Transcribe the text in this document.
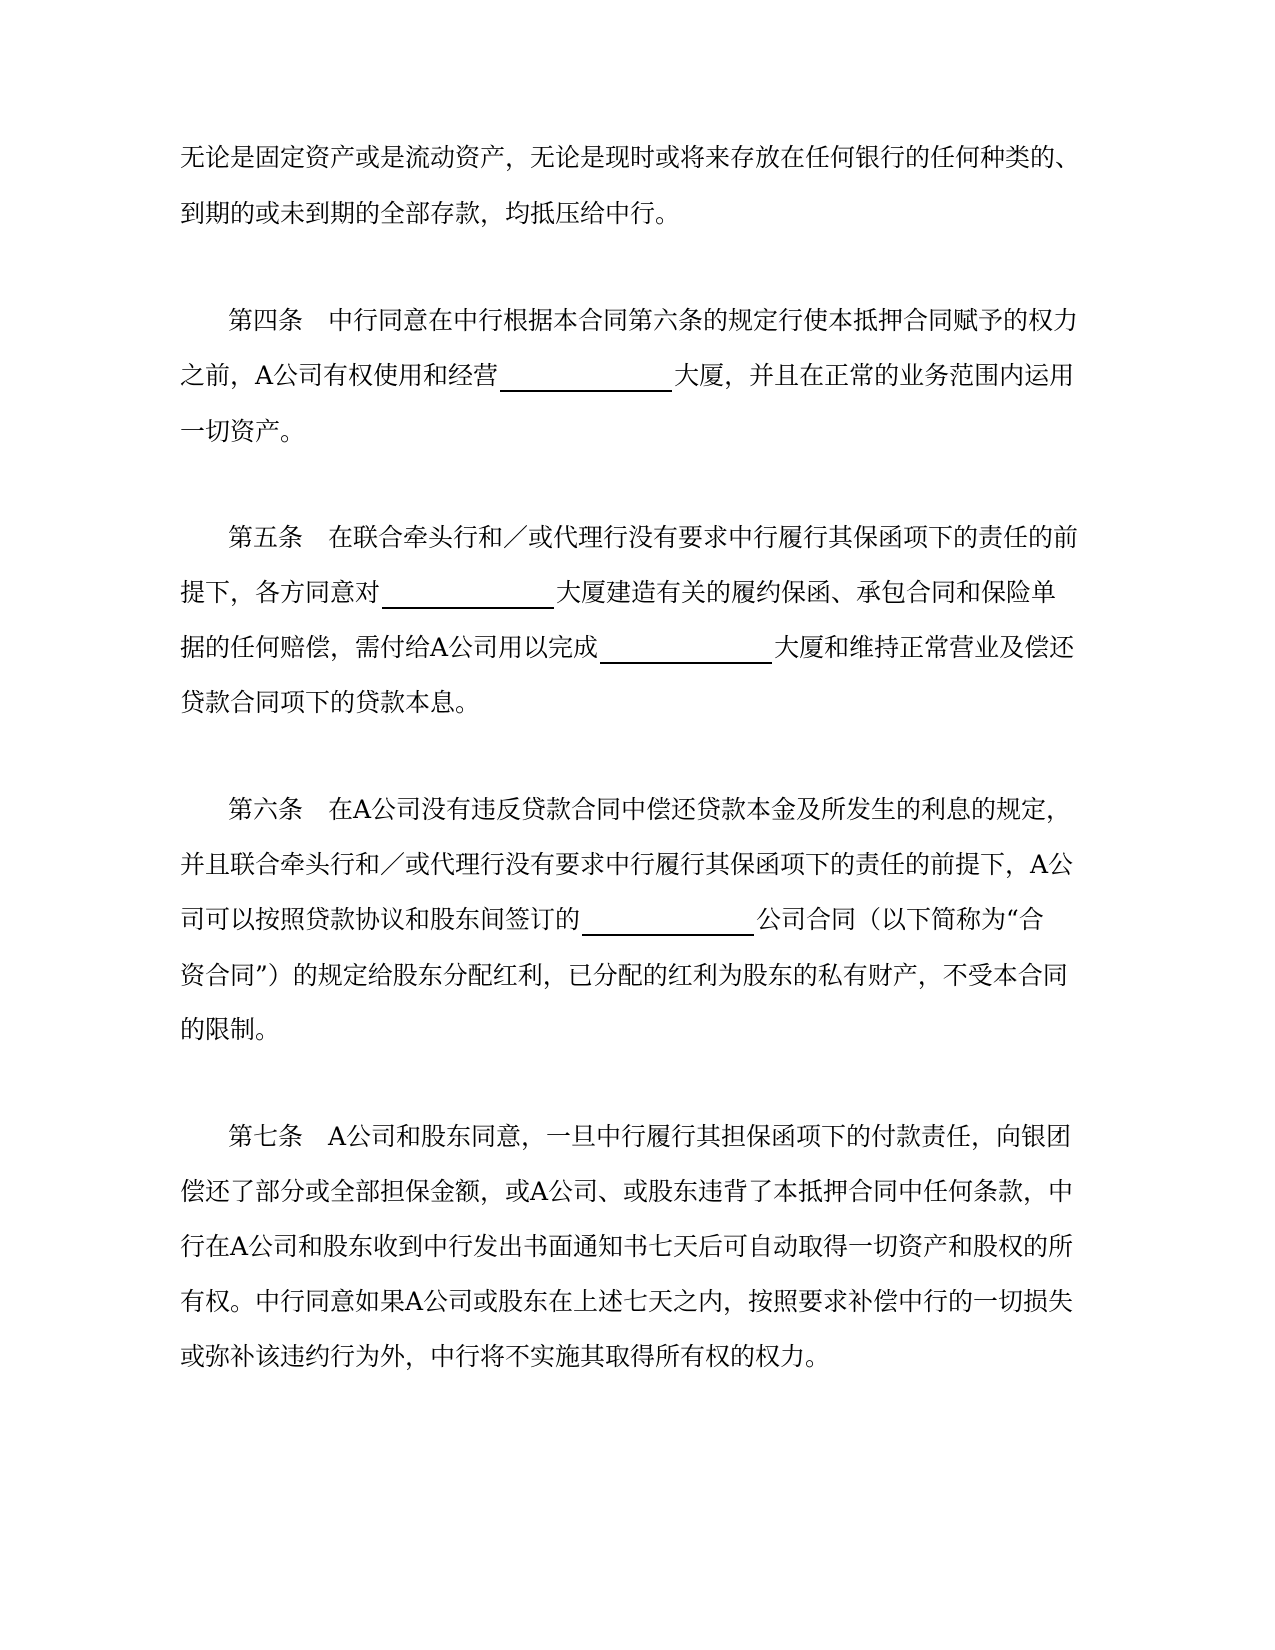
无论是固定资产或是流动资产，无论是现时或将来存放在任何银行的任何种类的、
到期的或未到期的全部存款，均抵压给中行。
第四条　中行同意在中行根据本合同第六条的规定行使本抵押合同赋予的权力
之前，A公司有权使用和经营	大厦，并且在正常的业务范围内运用
一切资产。
第五条　在联合牵头行和／或代理行没有要求中行履行其保函项下的责任的前
提下，各方同意对	大厦建造有关的履约保函、承包合同和保险单
据的任何赔偿，需付给A公司用以完成	大厦和维持正常营业及偿还
贷款合同项下的贷款本息。
第六条　在A公司没有违反贷款合同中偿还贷款本金及所发生的利息的规定，
并且联合牵头行和／或代理行没有要求中行履行其保函项下的责任的前提下，A公
司可以按照贷款协议和股东间签订的	公司合同（以下简称为“合
资合同”）的规定给股东分配红利，已分配的红利为股东的私有财产，不受本合同
的限制。
第七条　A公司和股东同意，一旦中行履行其担保函项下的付款责任，向银团
偿还了部分或全部担保金额，或A公司、或股东违背了本抵押合同中任何条款，中
行在A公司和股东收到中行发出书面通知书七天后可自动取得一切资产和股权的所
有权。中行同意如果A公司或股东在上述七天之内，按照要求补偿中行的一切损失
或弥补该违约行为外，中行将不实施其取得所有权的权力。
